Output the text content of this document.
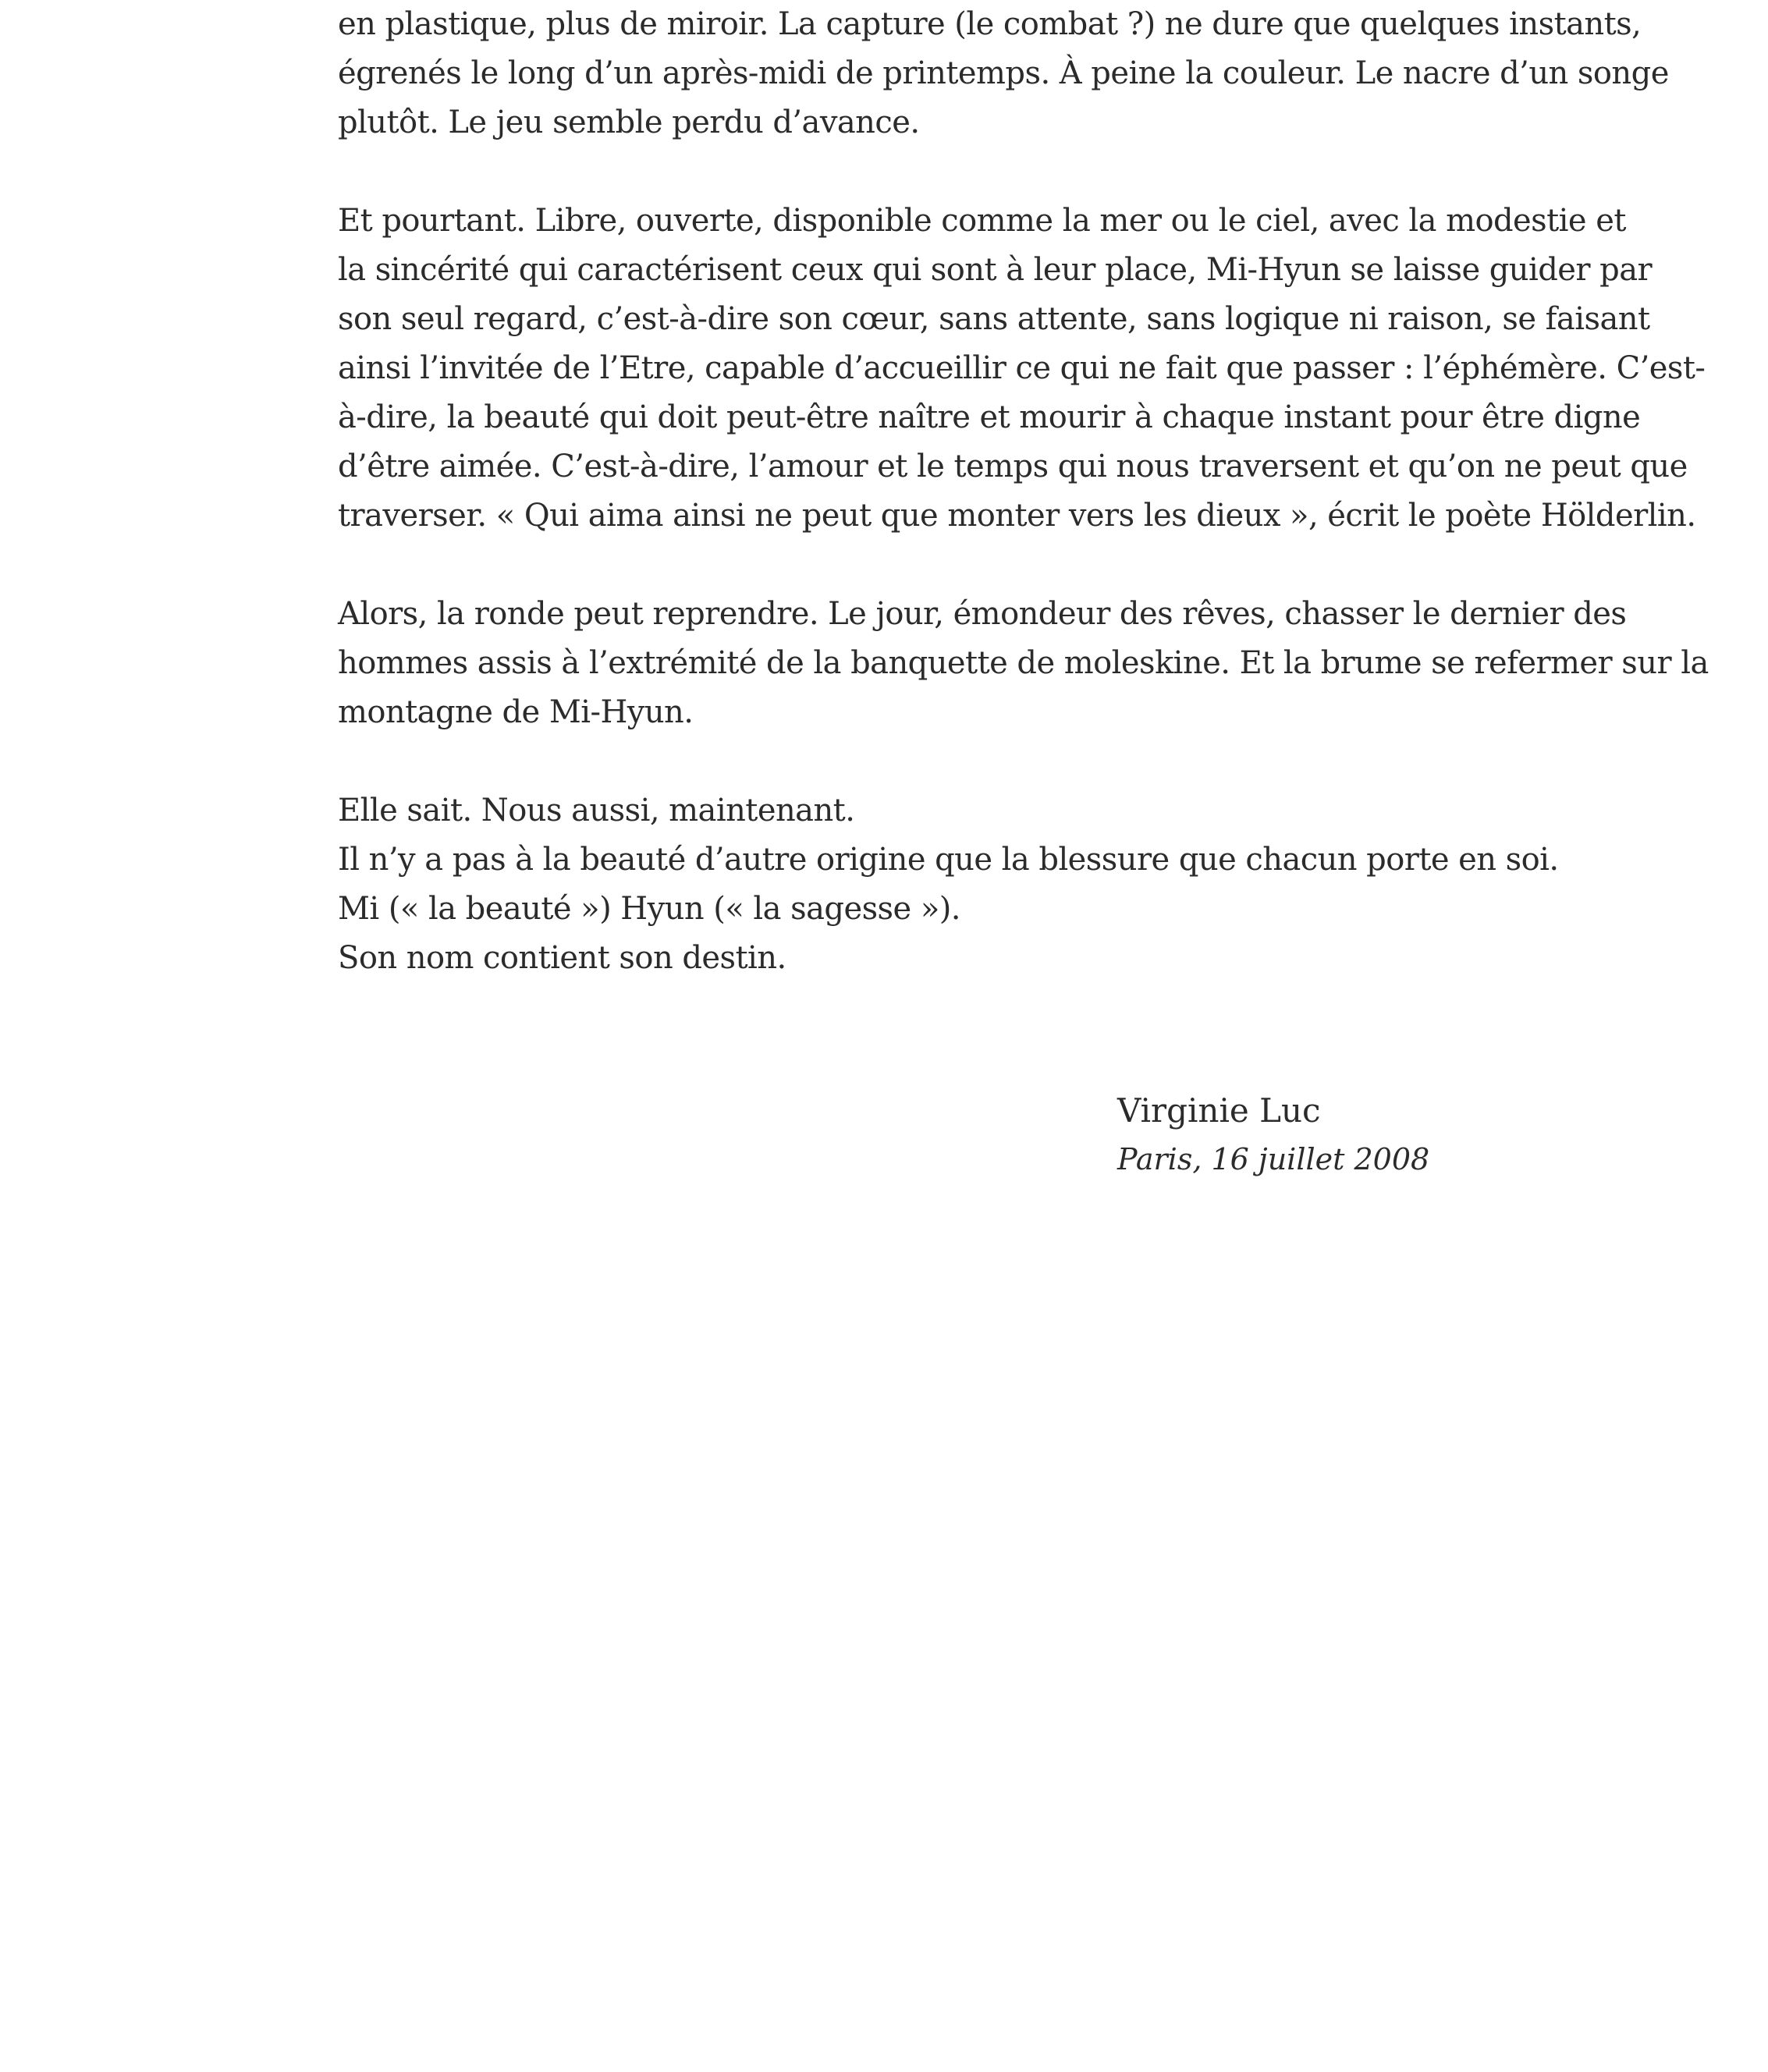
en plastique, plus de miroir. La capture (le combat ?) ne dure que quelques instants,
égrenés le long d’un après-midi de printemps. À peine la couleur. Le nacre d’un songe
plutôt. Le jeu semble perdu d’avance.
Et pourtant. Libre, ouverte, disponible comme la mer ou le ciel, avec la modestie et
la sincérité qui caractérisent ceux qui sont à leur place, Mi-Hyun se laisse guider par
son seul regard, c’est-à-dire son cœur, sans attente, sans logique ni raison, se faisant
ainsi l’invitée de l’Etre, capable d’accueillir ce qui ne fait que passer : l’éphémère. C’est-
à-dire, la beauté qui doit peut-être naître et mourir à chaque instant pour être digne
d’être aimée. C’est-à-dire, l’amour et le temps qui nous traversent et qu’on ne peut que
traverser. « Qui aima ainsi ne peut que monter vers les dieux », écrit le poète Hölderlin.
Alors, la ronde peut reprendre. Le jour, émondeur des rêves, chasser le dernier des
hommes assis à l’extrémité de la banquette de moleskine. Et la brume se refermer sur la
montagne de Mi-Hyun.
Elle sait. Nous aussi, maintenant.
Il n’y a pas à la beauté d’autre origine que la blessure que chacun porte en soi.
Mi (« la beauté ») Hyun (« la sagesse »).
Son nom contient son destin.
Virginie Luc
Paris, 16 juillet 2008
